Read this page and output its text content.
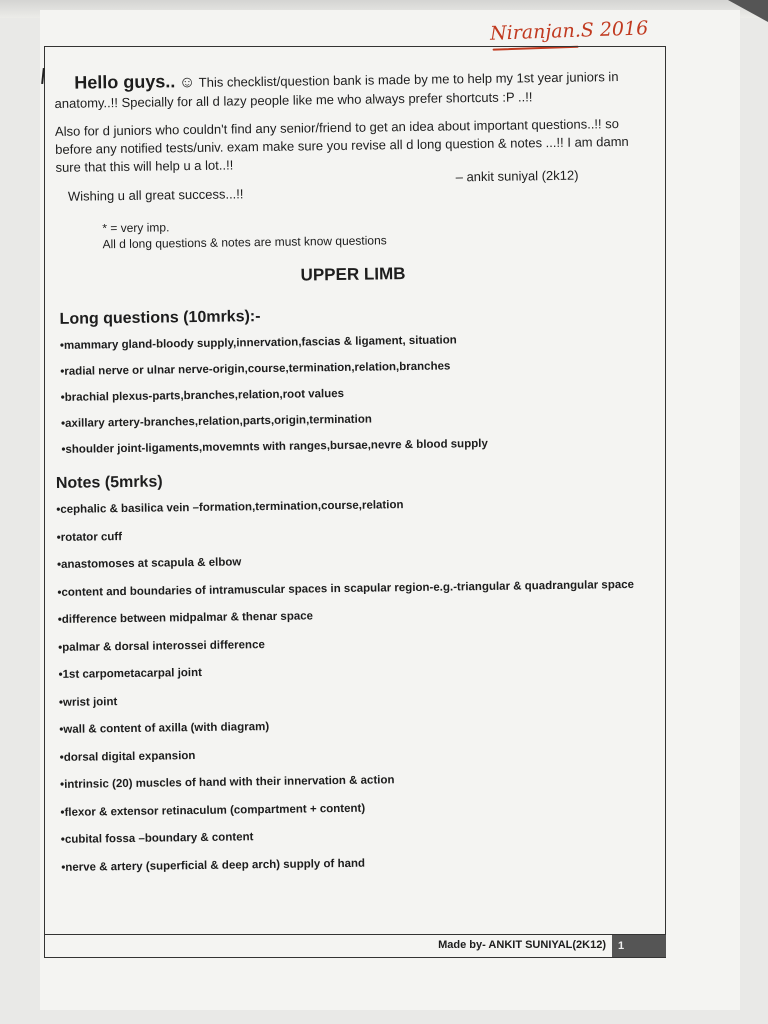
Niranjan.S 2016
Hello guys.. ☺ This checklist/question bank is made by me to help my 1st year juniors in anatomy..!! Specially for all d lazy people like me who always prefer shortcuts :P ..!!
Also for d juniors who couldn't find any senior/friend to get an idea about important questions..!! so before any notified tests/univ. exam make sure you revise all d long question & notes ...!! I am damn sure that this will help u a lot..!!
Wishing u all great success...!!
– ankit suniyal (2k12)
* = very imp.
All d long questions & notes are must know questions
UPPER LIMB
Long questions (10mrks):-
•mammary gland-bloody supply,innervation,fascias & ligament, situation
•radial nerve or ulnar nerve-origin,course,termination,relation,branches
•brachial plexus-parts,branches,relation,root values
•axillary artery-branches,relation,parts,origin,termination
•shoulder joint-ligaments,movemnts with ranges,bursae,nevre & blood supply
Notes (5mrks)
•cephalic & basilica vein –formation,termination,course,relation
•rotator cuff
•anastomoses at scapula & elbow
•content and boundaries of intramuscular spaces in scapular region-e.g.-triangular & quadrangular space
•difference between midpalmar & thenar space
•palmar & dorsal interossei difference
•1st carpometacarpal joint
•wrist joint
•wall & content of axilla (with diagram)
•dorsal digital expansion
•intrinsic (20) muscles of hand with their innervation & action
•flexor & extensor retinaculum (compartment + content)
•cubital fossa –boundary & content
•nerve & artery (superficial & deep arch) supply of hand
Made by- ANKIT SUNIYAL(2K12)	1
